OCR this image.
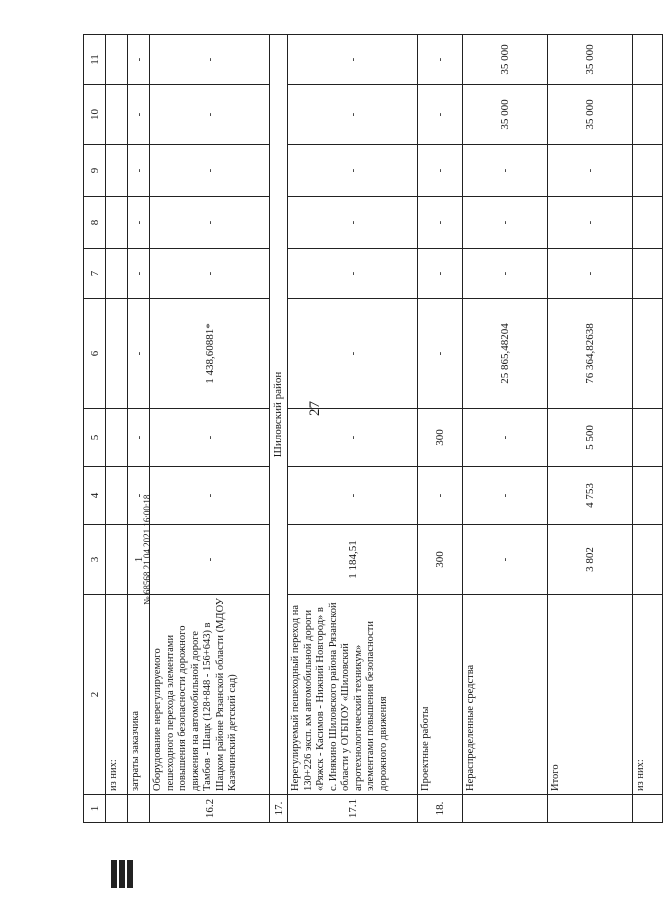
27
1	2	3	4	5	6	7	8	9	10	11
	из них:									
	затраты заказчика	1	-	-	-	-	-	-	-	-
16.2	Оборудование нерегулируемого пешеходного перехода элементами повышения безопасности дорожного движения на автомобильной дороге Тамбов - Шацк (128+848 - 156+643) в Шацком районе Рязанской области (МДОУ Казачинский детский сад)	-	-	-	1 438,60881*	-	-	-	-	-
17.	Шиловский район									
17.1	Нерегулируемый пешеходный переход на 130+226 эксп. км автомобильной дороги «Ряжск - Касимов - Нижний Новгород» в с. Инякино Шиловского района Рязанской области у ОГБПОУ «Шиловский агротехнологический техникум» элементами повышения безопасности дорожного движения	1 184,51	-	-	-	-	-	-	-	-
18.	Проектные работы	300	-	300	-	-	-	-	-	-
	Нераспределенные средства	-	-	-	25 865,48204	-	-	-	35 000	35 000
	Итого	3 802	4 753	5 500	76 364,82638	-	-	-	35 000	35 000
	из них:									
№ 68568 21.04.2021 16:00:18
